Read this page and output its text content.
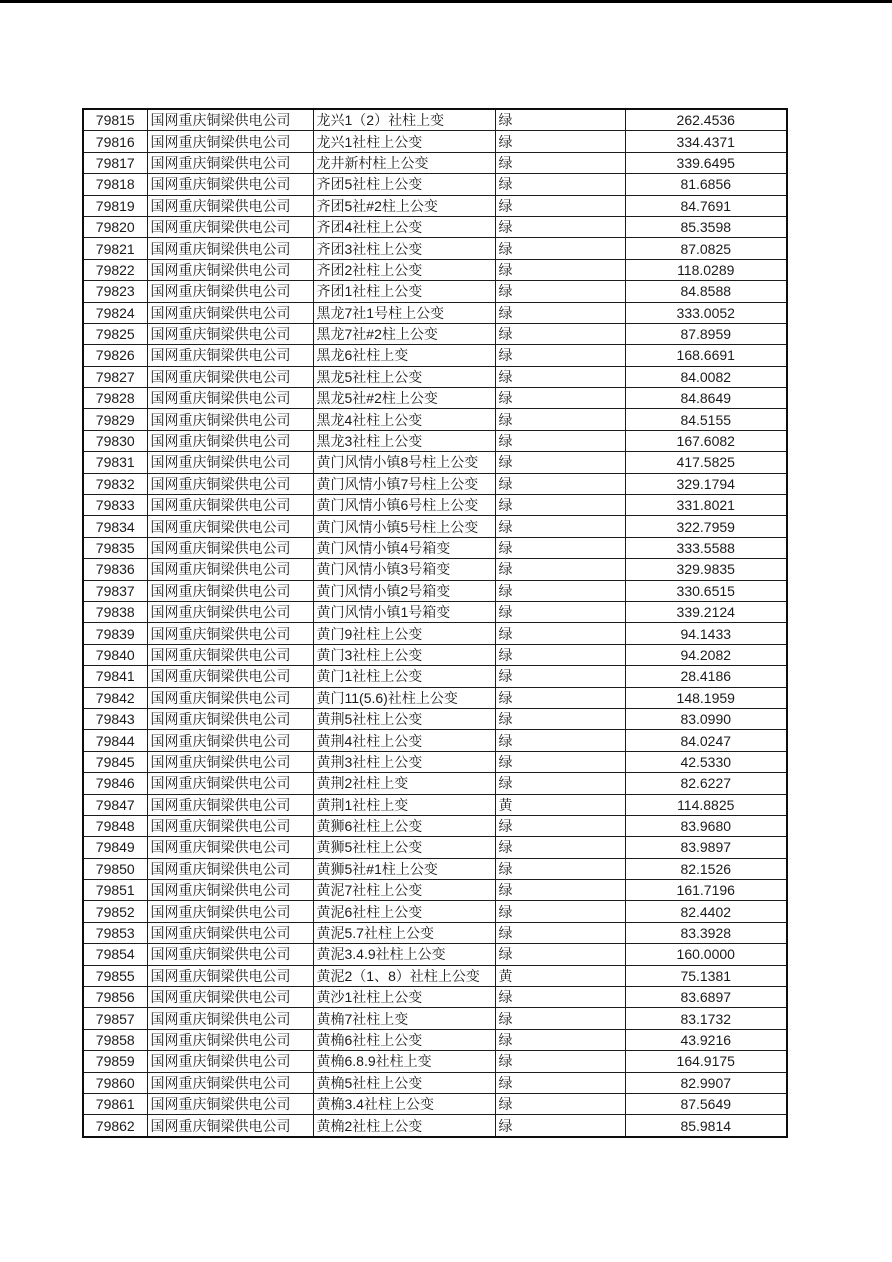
79815	国网重庆铜梁供电公司	龙兴1（2）社柱上变	绿	262.4536
79816	国网重庆铜梁供电公司	龙兴1社柱上公变	绿	334.4371
79817	国网重庆铜梁供电公司	龙井新村柱上公变	绿	339.6495
79818	国网重庆铜梁供电公司	齐团5社柱上公变	绿	81.6856
79819	国网重庆铜梁供电公司	齐团5社#2柱上公变	绿	84.7691
79820	国网重庆铜梁供电公司	齐团4社柱上公变	绿	85.3598
79821	国网重庆铜梁供电公司	齐团3社柱上公变	绿	87.0825
79822	国网重庆铜梁供电公司	齐团2社柱上公变	绿	118.0289
79823	国网重庆铜梁供电公司	齐团1社柱上公变	绿	84.8588
79824	国网重庆铜梁供电公司	黑龙7社1号柱上公变	绿	333.0052
79825	国网重庆铜梁供电公司	黑龙7社#2柱上公变	绿	87.8959
79826	国网重庆铜梁供电公司	黑龙6社柱上变	绿	168.6691
79827	国网重庆铜梁供电公司	黑龙5社柱上公变	绿	84.0082
79828	国网重庆铜梁供电公司	黑龙5社#2柱上公变	绿	84.8649
79829	国网重庆铜梁供电公司	黑龙4社柱上公变	绿	84.5155
79830	国网重庆铜梁供电公司	黑龙3社柱上公变	绿	167.6082
79831	国网重庆铜梁供电公司	黄门风情小镇8号柱上公变	绿	417.5825
79832	国网重庆铜梁供电公司	黄门风情小镇7号柱上公变	绿	329.1794
79833	国网重庆铜梁供电公司	黄门风情小镇6号柱上公变	绿	331.8021
79834	国网重庆铜梁供电公司	黄门风情小镇5号柱上公变	绿	322.7959
79835	国网重庆铜梁供电公司	黄门风情小镇4号箱变	绿	333.5588
79836	国网重庆铜梁供电公司	黄门风情小镇3号箱变	绿	329.9835
79837	国网重庆铜梁供电公司	黄门风情小镇2号箱变	绿	330.6515
79838	国网重庆铜梁供电公司	黄门风情小镇1号箱变	绿	339.2124
79839	国网重庆铜梁供电公司	黄门9社柱上公变	绿	94.1433
79840	国网重庆铜梁供电公司	黄门3社柱上公变	绿	94.2082
79841	国网重庆铜梁供电公司	黄门1社柱上公变	绿	28.4186
79842	国网重庆铜梁供电公司	黄门11(5.6)社柱上公变	绿	148.1959
79843	国网重庆铜梁供电公司	黄荆5社柱上公变	绿	83.0990
79844	国网重庆铜梁供电公司	黄荆4社柱上公变	绿	84.0247
79845	国网重庆铜梁供电公司	黄荆3社柱上公变	绿	42.5330
79846	国网重庆铜梁供电公司	黄荆2社柱上变	绿	82.6227
79847	国网重庆铜梁供电公司	黄荆1社柱上变	黄	114.8825
79848	国网重庆铜梁供电公司	黄狮6社柱上公变	绿	83.9680
79849	国网重庆铜梁供电公司	黄狮5社柱上公变	绿	83.9897
79850	国网重庆铜梁供电公司	黄狮5社#1柱上公变	绿	82.1526
79851	国网重庆铜梁供电公司	黄泥7社柱上公变	绿	161.7196
79852	国网重庆铜梁供电公司	黄泥6社柱上公变	绿	82.4402
79853	国网重庆铜梁供电公司	黄泥5.7社柱上公变	绿	83.3928
79854	国网重庆铜梁供电公司	黄泥3.4.9社柱上公变	绿	160.0000
79855	国网重庆铜梁供电公司	黄泥2（1、8）社柱上公变	黄	75.1381
79856	国网重庆铜梁供电公司	黄沙1社柱上公变	绿	83.6897
79857	国网重庆铜梁供电公司	黄桷7社柱上变	绿	83.1732
79858	国网重庆铜梁供电公司	黄桷6社柱上公变	绿	43.9216
79859	国网重庆铜梁供电公司	黄桷6.8.9社柱上变	绿	164.9175
79860	国网重庆铜梁供电公司	黄桷5社柱上公变	绿	82.9907
79861	国网重庆铜梁供电公司	黄桷3.4社柱上公变	绿	87.5649
79862	国网重庆铜梁供电公司	黄桷2社柱上公变	绿	85.9814
